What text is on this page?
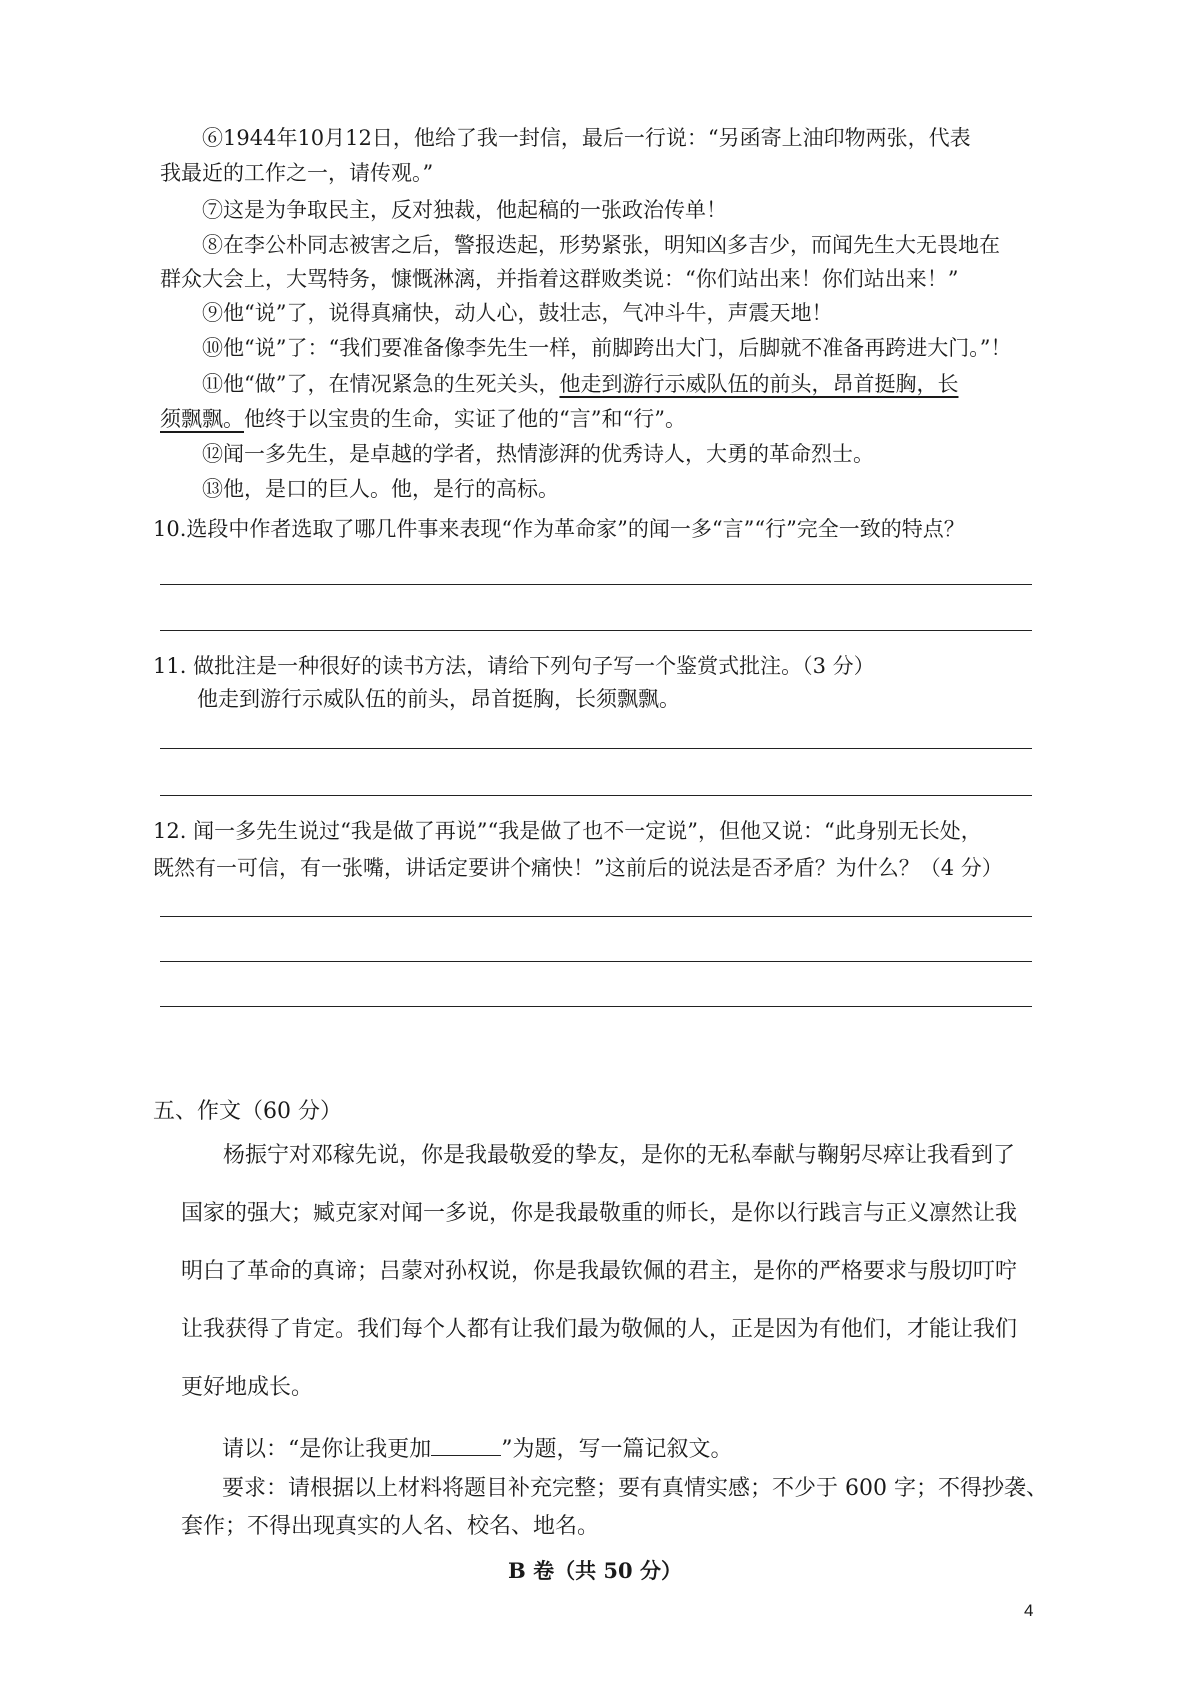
⑥1944年10月12日，他给了我一封信，最后一行说：“另函寄上油印物两张，代表
我最近的工作之一，请传观。”
⑦这是为争取民主，反对独裁，他起稿的一张政治传单！
⑧在李公朴同志被害之后，警报迭起，形势紧张，明知凶多吉少，而闻先生大无畏地在
群众大会上，大骂特务，慷慨淋漓，并指着这群败类说：“你们站出来！你们站出来！”
⑨他“说”了，说得真痛快，动人心，鼓壮志，气冲斗牛，声震天地！
⑩他“说”了：“我们要准备像李先生一样，前脚跨出大门，后脚就不准备再跨进大门。”！
⑪他“做”了，在情况紧急的生死关头，他走到游行示威队伍的前头，昂首挺胸，长
须飘飘。他终于以宝贵的生命，实证了他的“言”和“行”。
⑫闻一多先生，是卓越的学者，热情澎湃的优秀诗人，大勇的革命烈士。
⑬他，是口的巨人。他，是行的高标。
10.选段中作者选取了哪几件事来表现“作为革命家”的闻一多“言”“行”完全一致的特点？
11. 做批注是一种很好的读书方法，请给下列句子写一个鉴赏式批注。（3 分）
他走到游行示威队伍的前头，昂首挺胸，长须飘飘。
12. 闻一多先生说过“我是做了再说”“我是做了也不一定说”，但他又说：“此身别无长处，
既然有一可信，有一张嘴，讲话定要讲个痛快！”这前后的说法是否矛盾？为什么？（4 分）
五、作文（60 分）
杨振宁对邓稼先说，你是我最敬爱的挚友，是你的无私奉献与鞠躬尽瘁让我看到了
国家的强大；臧克家对闻一多说，你是我最敬重的师长，是你以行践言与正义凛然让我
明白了革命的真谛；吕蒙对孙权说，你是我最钦佩的君主，是你的严格要求与殷切叮咛
让我获得了肯定。我们每个人都有让我们最为敬佩的人，正是因为有他们，才能让我们
更好地成长。
请以：“是你让我更加	”为题，写一篇记叙文。
要求：请根据以上材料将题目补充完整；要有真情实感；不少于 600 字；不得抄袭、
套作；不得出现真实的人名、校名、地名。
B 卷（共 50 分）
4
